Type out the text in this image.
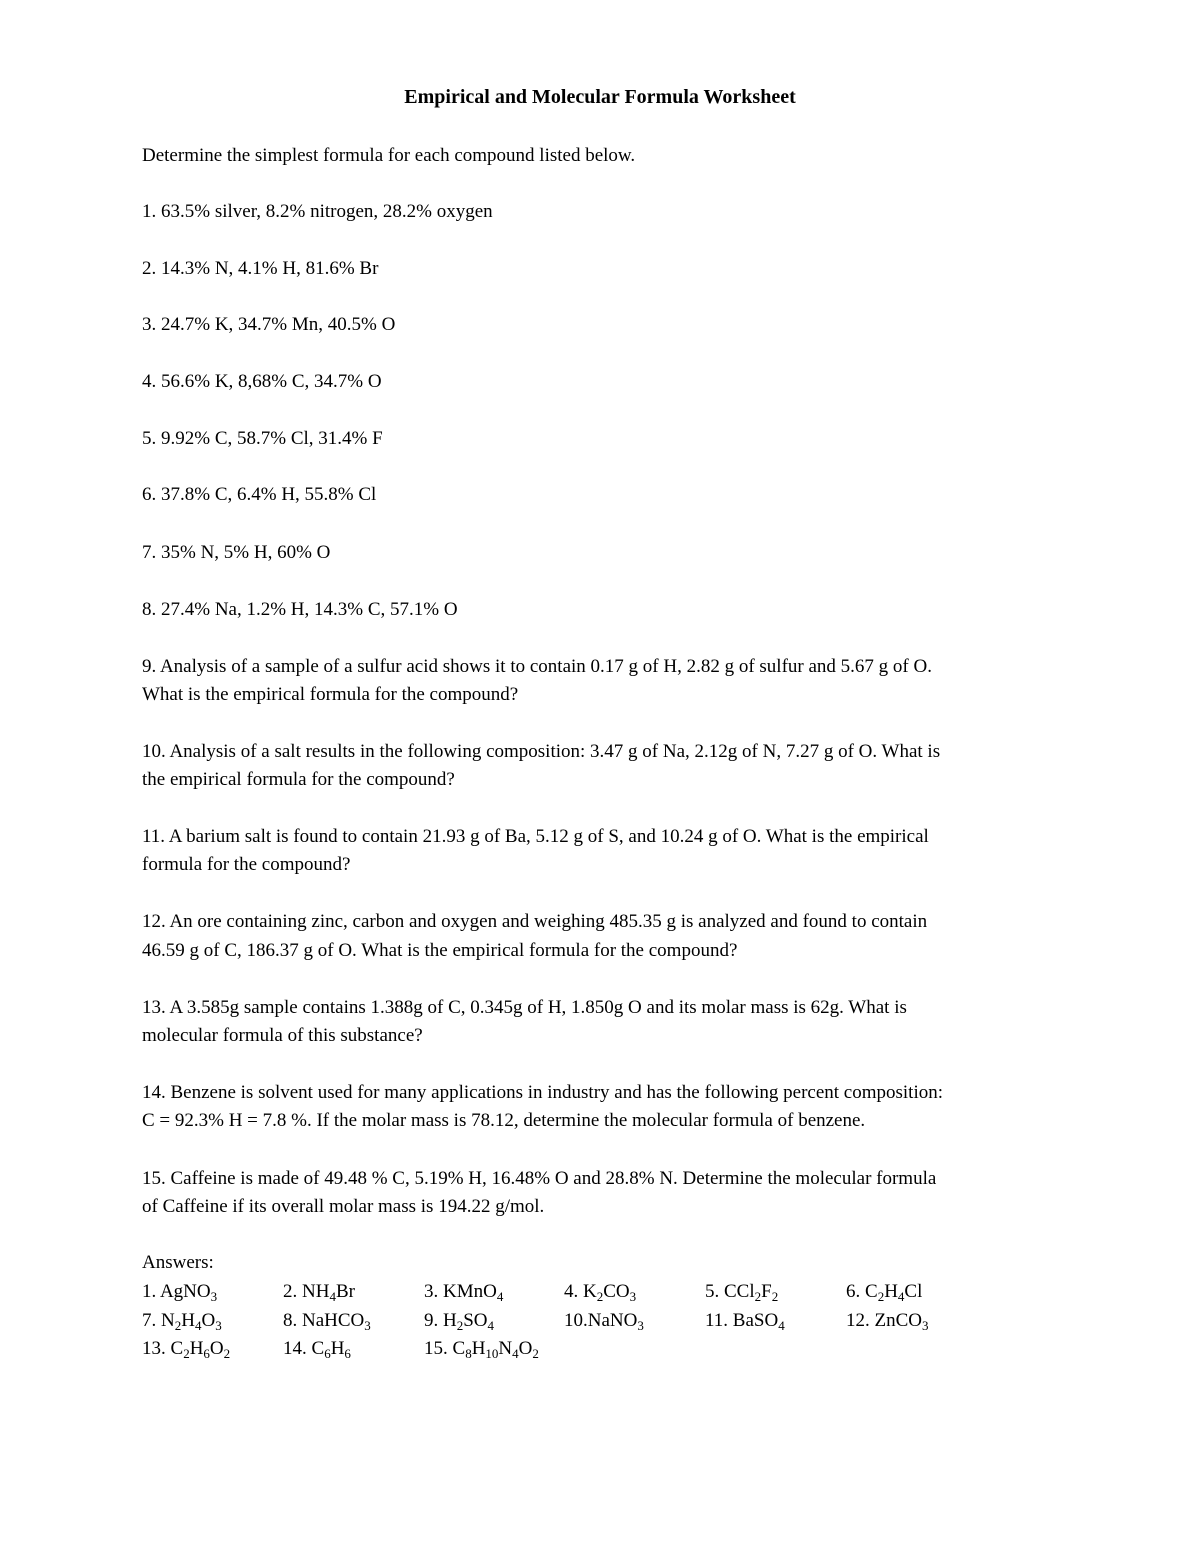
Empirical and Molecular Formula Worksheet
Determine the simplest formula for each compound listed below.
1. 63.5% silver, 8.2% nitrogen, 28.2% oxygen
2. 14.3% N, 4.1% H, 81.6% Br
3. 24.7% K, 34.7% Mn, 40.5% O
4. 56.6% K, 8,68% C, 34.7% O
5. 9.92% C, 58.7% Cl, 31.4% F
6. 37.8% C, 6.4% H, 55.8% Cl
7. 35% N, 5% H, 60% O
8. 27.4% Na, 1.2% H, 14.3% C, 57.1% O
9. Analysis of a sample of a sulfur acid shows it to contain 0.17 g of H, 2.82 g of sulfur and 5.67 g of O.
What is the empirical formula for the compound?
10. Analysis of a salt results in the following composition: 3.47 g of Na, 2.12g of N, 7.27 g of O. What is
the empirical formula for the compound?
11. A barium salt is found to contain 21.93 g of Ba, 5.12 g of S, and 10.24 g of O. What is the empirical
formula for the compound?
12. An ore containing zinc, carbon and oxygen and weighing 485.35 g is analyzed and found to contain
46.59 g of C, 186.37 g of O. What is the empirical formula for the compound?
13. A 3.585g sample contains 1.388g of C, 0.345g of H, 1.850g O and its molar mass is 62g. What is
molecular formula of this substance?
14. Benzene is solvent used for many applications in industry and has the following percent composition:
C = 92.3% H = 7.8 %. If the molar mass is 78.12, determine the molecular formula of benzene.
15. Caffeine is made of 49.48 % C, 5.19% H, 16.48% O and 28.8% N. Determine the molecular formula
of Caffeine if its overall molar mass is 194.22 g/mol.
Answers:
1. AgNO$_3$	2. $NH_4Br$	3. KMnO$_4$	4. $K_2CO_3$	5. $CCl_2F_2$	6. $C_2H_4Cl$
7. $N_2H_4O_3$	8. NaHCO$_3$	9. $H_2SO_4$	10.NaNO$_3$	11. BaSO$_4$	12. ZnCO$_3$
13. $C_2H_6O_2$	14. $C_6H_6$	15. $C_8H_{10}N_4O_2$
